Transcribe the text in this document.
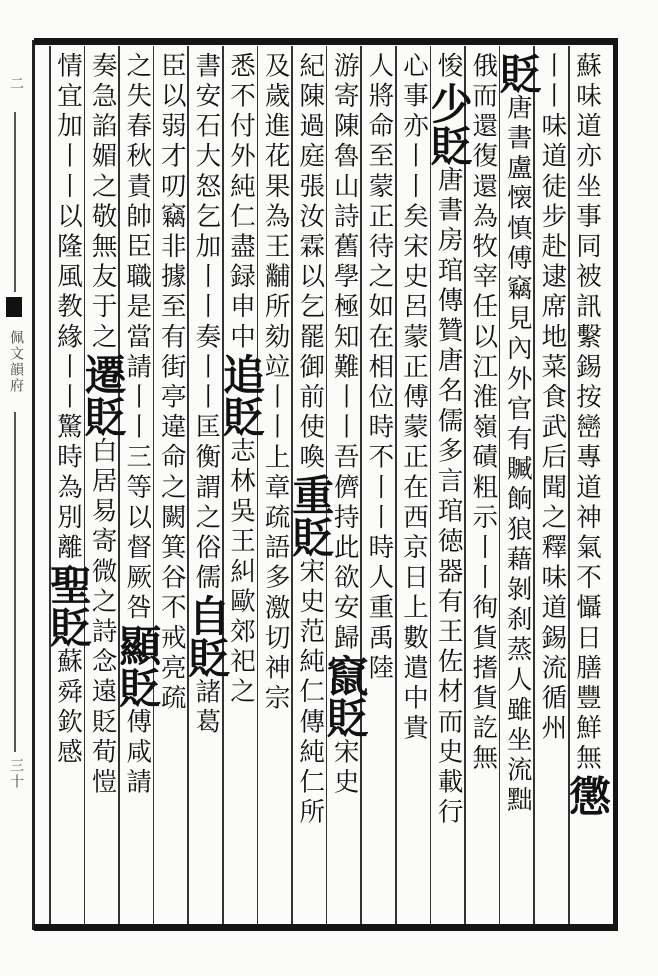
二
佩文韻府
三十	蘇味道亦坐事同被訊繫錫按巒專道神氣不懾日膳豐鮮無懲
丨丨味道徒步赴逮席地菜食武后聞之釋味道錫流循州
貶唐書盧懐慎傅竊見內外官有贓餉狼藉剝刹蒸人雖坐流黜
俄而還復還為牧宰任以江淮嶺磧粗示丨丨徇貨搘貨訖無
悛少貶唐書房琯傳贊唐名儒多言琯徳器有王佐材而史載行
心事亦丨丨矣宋史呂蒙正傅蒙正在西京日上數遣中貴
人將命至蒙正待之如在相位時不丨丨時人重禹陸
游寄陳魯山詩舊學極知難丨丨吾儕持此欲安歸竄貶宋史
紀陳過庭張汝霖以乞罷御前使喚重貶宋史范純仁傳純仁所
及歲進花果為王黼所劾竝丨丨上章疏語多激切神宗
悉不付外純仁盡録申中追貶志林吳王糾歐郊祀之
書安石大怒乞加丨丨奏丨丨匡衡謂之俗儒自貶諸葛
臣以弱才叨竊非據至有街亭違命之闕箕谷不戒亮疏
之失春秋責帥臣職是當請丨丨三等以督厥咎顯貶傅咸請
奏急諂媚之敬無友于之遷貶白居易寄微之詩念遠貶荀愷
情宜加丨丨以隆風教緣丨丨驚時為別離聖貶蘇舜欽感
